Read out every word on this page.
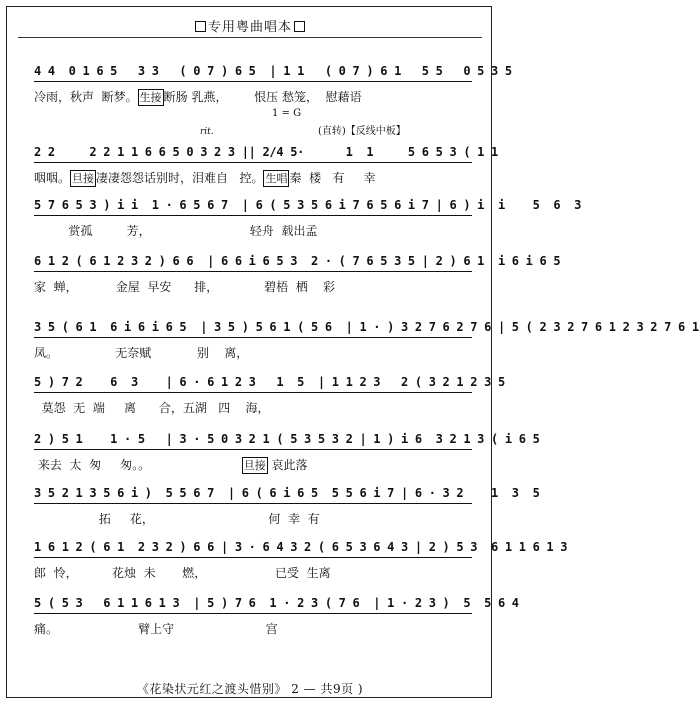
专用粤曲唱本
1 = G
(直转)【反线中板】
rit.
4 4  0 1 6 5   3 3   ( 0 7 ) 6 5  | 1 1   ( 0 7 ) 6 1   5 5   0 5 3 5
冷雨，秋声  断梦。 生接 断肠 乳燕，       恨压 愁笼，  慰藉语
2 2     2 2 1 1 6 6 5 0 3 2 3 || 2/4 5·      1  1     5 6 5 3 ( 1 1
咽咽。 旦接 凄凄怨怨话别时，泪难自   控。 生唱 秦  楼   有     幸
5 7 6 5 3 ) i i  1 · 6 5 6 7  | 6 ( 5 3 5 6 i 7 6 5 6 i 7 | 6 ) i  i    5  6  3
赏孤         芳，                          轻舟  载出孟
6 1 2 ( 6 1 2 3 2 ) 6 6  | 6 6 i 6 5 3  2 · ( 7 6 5 3 5 | 2 ) 6 1  i 6 i 6 5
家  蝉，          金屋  早安      排，            碧梧  栖    彩
3 5 ( 6 1  6 i 6 i 6 5  | 3 5 ) 5 6 1 ( 5 6  | 1 · ) 3 2 7 6 2 7 6 | 5 ( 2 3 2 7 6 1 2 3 2 7 6 1
凤。               无奈赋            别    离，
5 ) 7 2    6  3    | 6 · 6 1 2 3   1  5  | 1 1 2 3   2 ( 3 2 1 2 3 5
莫怨  无  端     离      合，五湖   四    海，
2 ) 5 1    1 · 5   | 3 · 5 0 3 2 1 ( 5 3 5 3 2 | 1 ) i 6  3 2 1 3 ( i 6 5
来去  太  匆     匆。。	旦接 哀此落
3 5 2 1 3 5 6 i )  5 5 6 7  | 6 ( 6 i 6 5  5 5 6 i 7 | 6 · 3 2    1  3  5
拓     花，                              何  幸  有
1 6 1 2 ( 6 1  2 3 2 ) 6 6 | 3 · 6 4 3 2 ( 6 5 3 6 4 3 | 2 ) 5 3  6 1 1 6 1 3
郎  怜，         花烛  未       燃，                  已受  生离
5 ( 5 3   6 1 1 6 1 3  | 5 ) 7 6  1 · 2 3 ( 7 6  | 1 · 2 3 )  5  5 6 4
痛。                     臂上守                        宫
《花染状元红之渡头惜别》 2 — 共9页 )
